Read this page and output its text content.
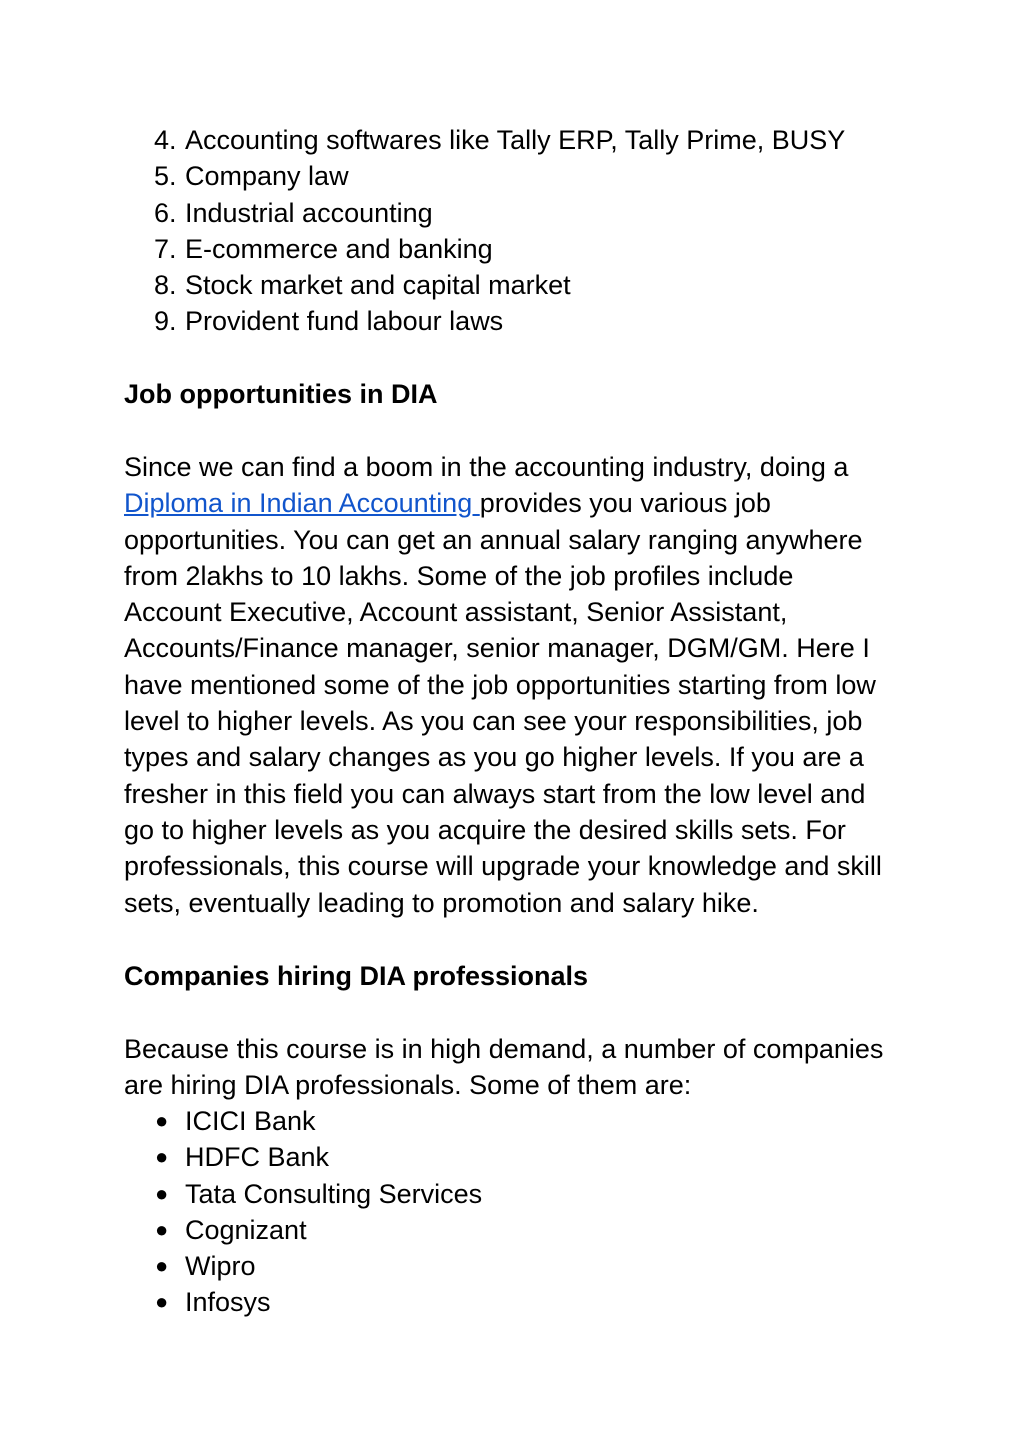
4. Accounting softwares like Tally ERP, Tally Prime, BUSY
5. Company law
6. Industrial accounting
7. E-commerce and banking
8. Stock market and capital market
9. Provident fund labour laws
Job opportunities in DIA
Since we can find a boom in the accounting industry, doing a
Diploma in Indian Accounting provides you various job
opportunities. You can get an annual salary ranging anywhere
from 2lakhs to 10 lakhs. Some of the job profiles include
Account Executive, Account assistant, Senior Assistant,
Accounts/Finance manager, senior manager, DGM/GM. Here I
have mentioned some of the job opportunities starting from low
level to higher levels. As you can see your responsibilities, job
types and salary changes as you go higher levels. If you are a
fresher in this field you can always start from the low level and
go to higher levels as you acquire the desired skills sets. For
professionals, this course will upgrade your knowledge and skill
sets, eventually leading to promotion and salary hike.
Companies hiring DIA professionals
Because this course is in high demand, a number of companies
are hiring DIA professionals. Some of them are:
● ICICI Bank
● HDFC Bank
● Tata Consulting Services
● Cognizant
● Wipro
● Infosys
